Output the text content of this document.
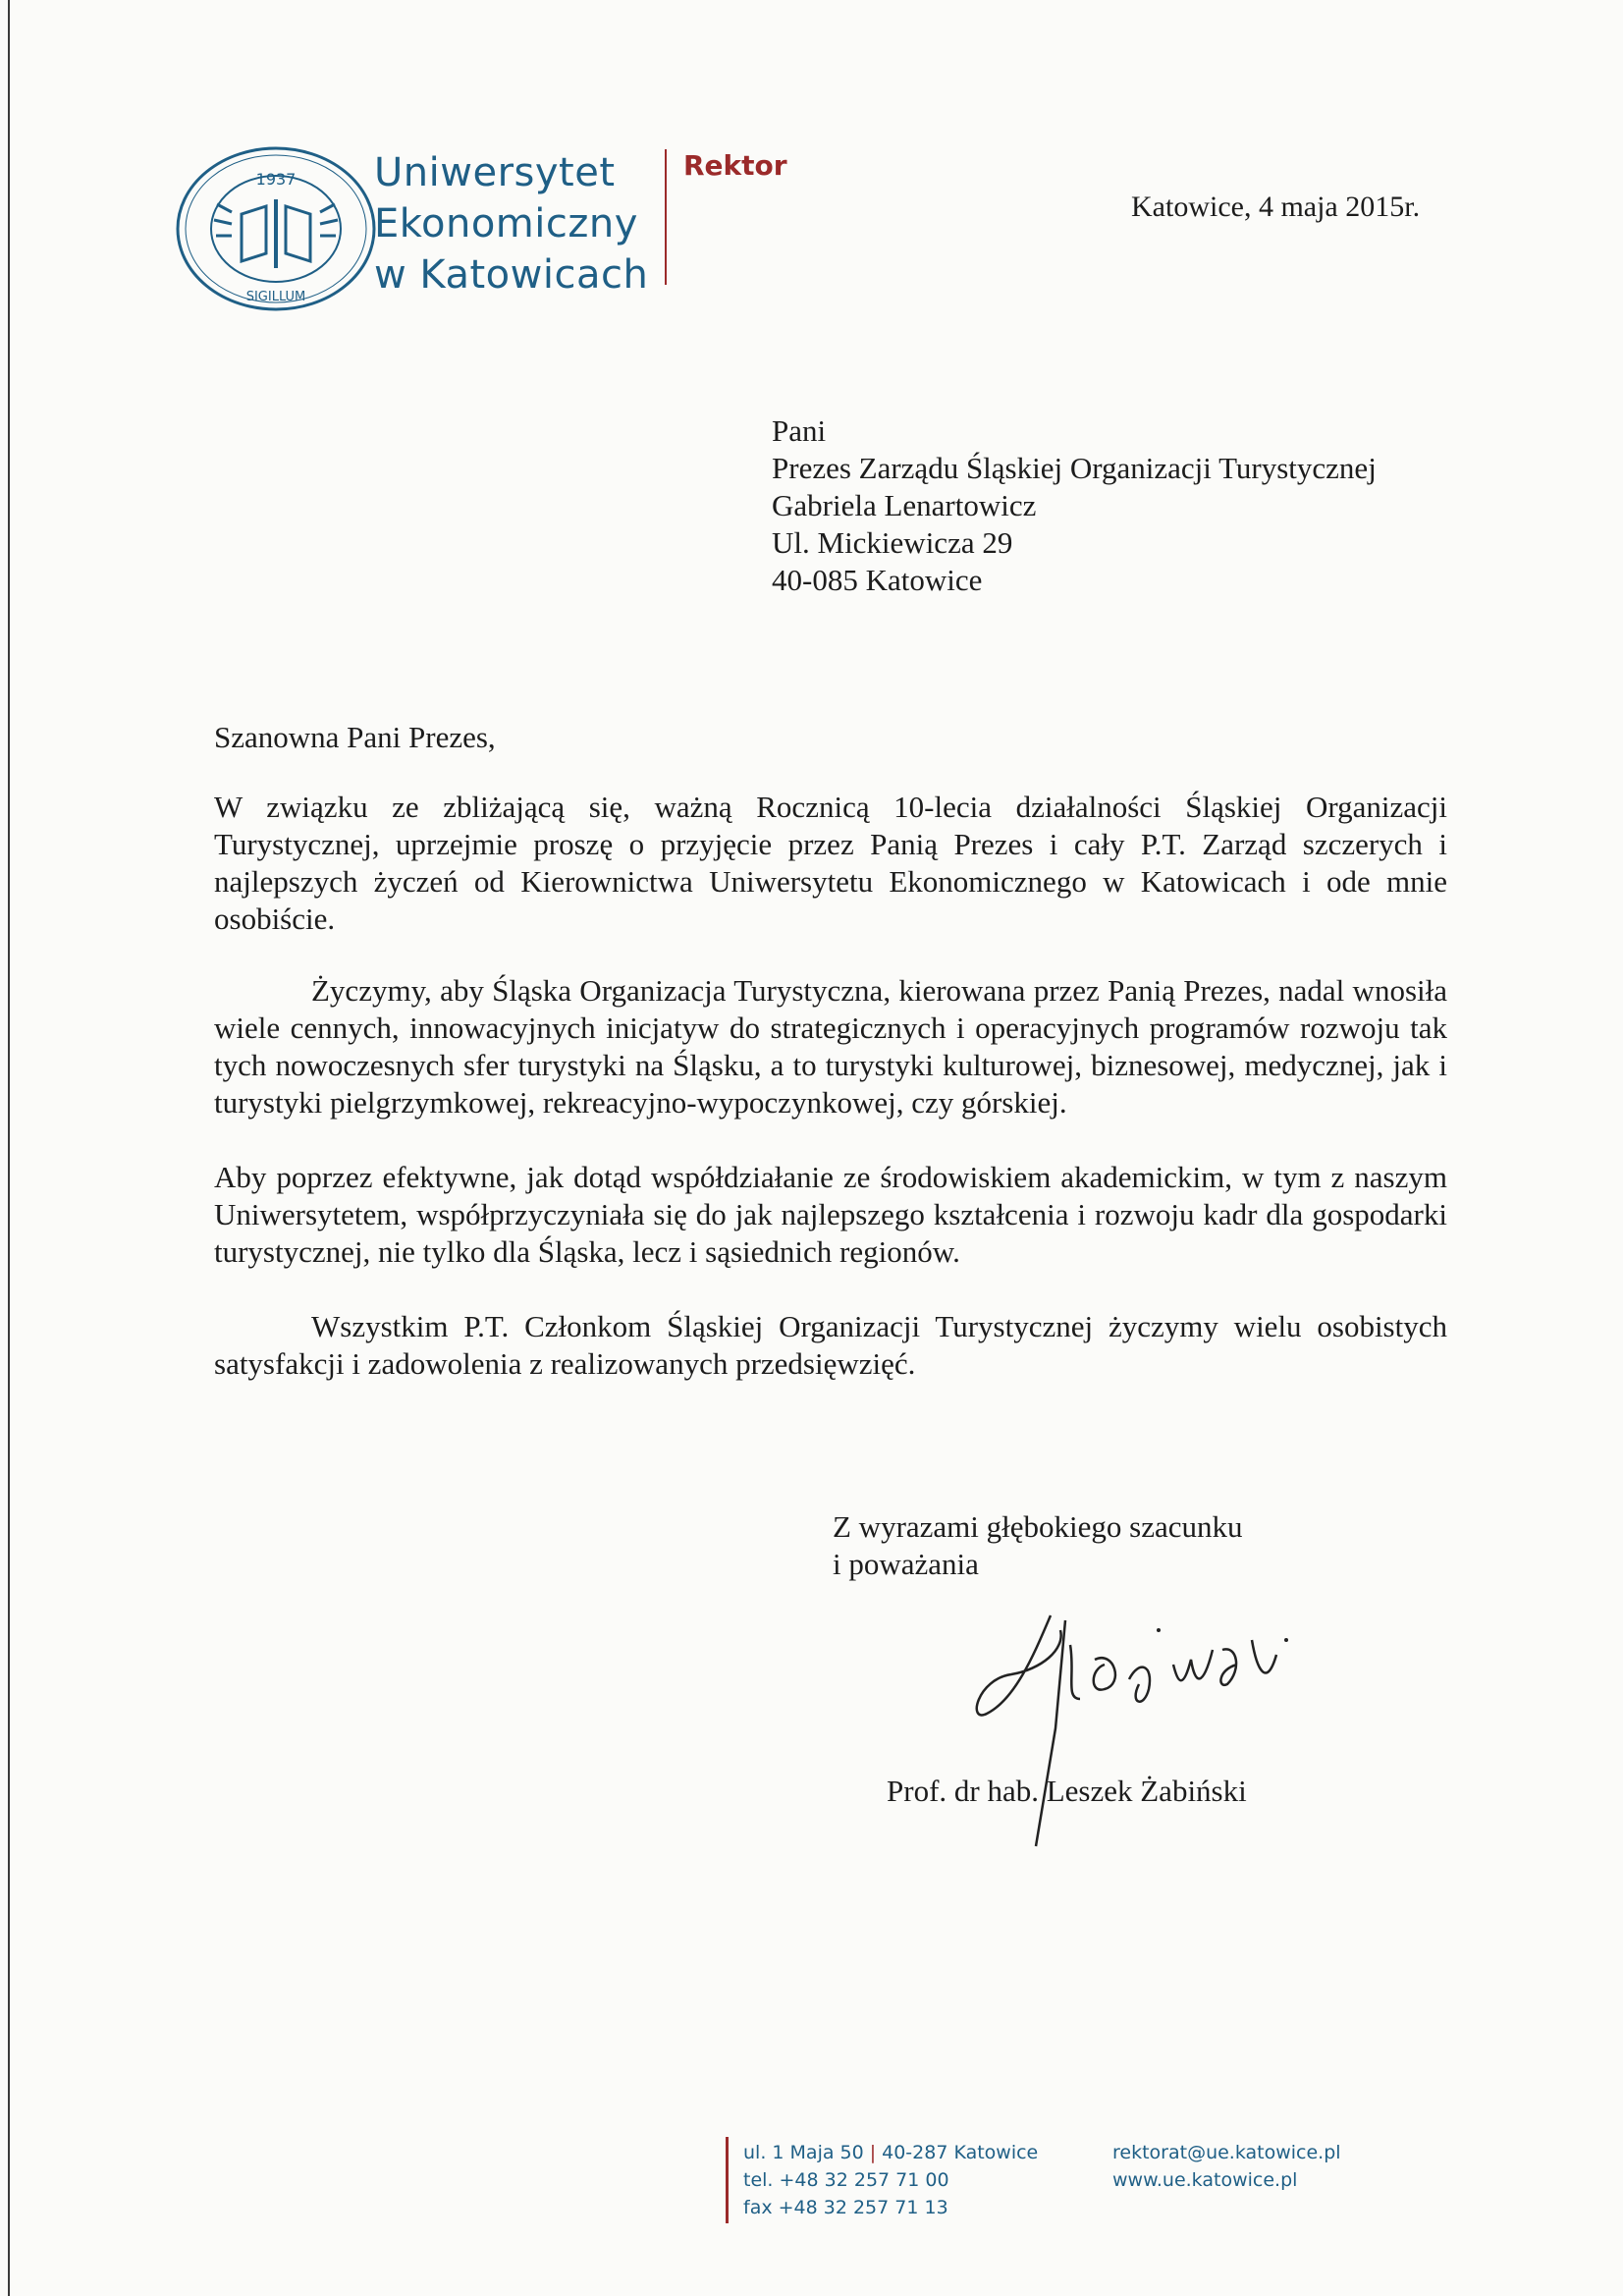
1937
SIGILLUM
Uniwersytet
Ekonomiczny
w Katowicach
Rektor
Katowice, 4 maja 2015r.
Pani
Prezes Zarządu Śląskiej Organizacji Turystycznej
Gabriela Lenartowicz
Ul. Mickiewicza 29
40-085 Katowice
Szanowna Pani Prezes,
W związku ze zbliżającą się, ważną Rocznicą 10-lecia działalności Śląskiej Organizacji Turystycznej, uprzejmie proszę o przyjęcie przez Panią Prezes i cały P.T. Zarząd szczerych i najlepszych życzeń od Kierownictwa Uniwersytetu Ekonomicznego w Katowicach i ode mnie osobiście.
Życzymy, aby Śląska Organizacja Turystyczna, kierowana przez Panią Prezes, nadal wnosiła wiele cennych, innowacyjnych inicjatyw do strategicznych i operacyjnych programów rozwoju tak tych nowoczesnych sfer turystyki na Śląsku, a to turystyki kulturowej, biznesowej, medycznej, jak i turystyki pielgrzymkowej, rekreacyjno-wypoczynkowej, czy górskiej.
Aby poprzez efektywne, jak dotąd współdziałanie ze środowiskiem akademickim, w tym z naszym Uniwersytetem, współprzyczyniała się do jak najlepszego kształcenia i rozwoju kadr dla gospodarki turystycznej, nie tylko dla Śląska, lecz i sąsiednich regionów.
Wszystkim P.T. Członkom Śląskiej Organizacji Turystycznej życzymy wielu osobistych satysfakcji i zadowolenia z realizowanych przedsięwzięć.
Z wyrazami głębokiego szacunku
i poważania
Prof. dr hab. Leszek Żabiński
ul. 1 Maja 50 | 40-287 Katowice
tel. +48 32 257 71 00
fax +48 32 257 71 13
rektorat@ue.katowice.pl
www.ue.katowice.pl
